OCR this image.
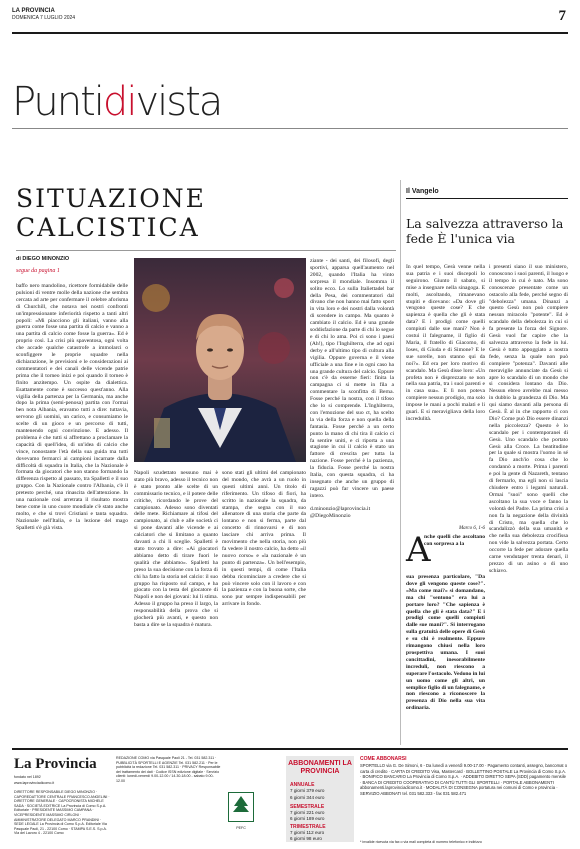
LA PROVINCIA
DOMENICA 7 LUGLIO 2024	7
Puntidivista
SITUAZIONE
CALCISTICA
di DIEGO MINONZIO
segue da pagina 1
baffo nero mandolino, ricettore formidabile delle pulsioni di ventre molle della nazione che sembra cercata ad arte per confermare il celebre aforisma di Churchill, che notava nei nostri confronti un'impressionante inferiorità rispetto a tanti altri popoli: «Mi piacciono gli italiani, vanno alla guerra come fosse una partita di calcio e vanno a una partita di calcio come fosse la guerra». Ed è proprio così. La crisi più spaventosa, ogni volta che accade qualche catastrofe a immolarci o sconfiggere le proprie squadre nella dichiarazione, le previsioni e le considerazioni ai commentatori e dei canali delle vicende patrie prima che il torneo inizi e poi quando il torneo è finito anzitempo. Un ospite da dialettica. Esattamente come è successo quest'anno. Alla vigilia della partenza per la Germania, ma anche dopo la prima (semi-penosa) partita con l'ormai ben nota Albania, eravamo tutti a dire: tuttavia, servono gli uomini, un carico, e consumiamo le scelte di un gioco e un percorso di tutti, mantenendo ogni convinzione. E adesso. Il problema è che tutti si affrettano a proclamare la capacità di quell'idea, di un'idea di calcio che vince, nonostante l'età della sua guida ma tutti dovevamo fermarci ai campioni incarnate dalla difficoltà di squadra in Italia, che la Nazionale è formata da giocatori che non stanno formando la differenza rispetto al passato, tra Spalletti e il suo gruppo. Con la Nazionale contro l'Albania, c'è il pretesto perché, una rinascita dell'attenzione. In una nazionale così arretrata il risultato mostra bene come in uno cuore mondiale c'è stato anche molto, e che si trovi Cristiani e tanta squadra. Nazionale nell'Italia, e la lezione del mago Spalletti s'è già vista.
Napoli scudettato nessuno mai è stato più bravo, adesso il tecnico non è stato pronto alle scelte di un commissario tecnico, e il potere delle critiche, ricordando le prove del campionato. Adesso sono diventati delle mete. Richiamare ai tifosi del campionato, ai club e alle società ci si pone davanti alle vicende e ai calciatori che si limitano a quanto davanti a chi li sceglie. Spalletti è stato trovato a dire: «Ai giocatori abbiamo detto di tirare fuori le qualità che abbiamo». Spalletti ha preso la sua decisione con la forza di chi ha fatto la storia nel calcio: il suo gruppo ha risposto sul campo, e ha giocato con la testa del giocatore di Napoli e non dei giovani: lui li stima. Adesso il gruppo ha preso il largo, la responsabilità della prova che si giocherà più avanti, e questo non basta a dire se la squadra è matura.
sono stati gli ultimi del campionato del mondo, che avrà a un ruolo in questi ultimi anni. Un titolo di riferimento. Un tifoso di fiori, ha scritto in nazionale la squadra, da stampa, che segna con il suo allenatore di una storia che parte da lontano e non si ferma, parte dal concetto di rinnovarsi e di non lasciare chi arriva prima. Il movimento che nella storia, non più fa vedere il nostro calcio, ha detto «il nuovo corso» e «la nazionale è un punto di partenza». Un bell'esempio, in questi tempi, di come l'Italia debba ricominciare a credere che si può vincere solo con il lavoro e con la pazienza e con la buona sorte, che sono pur sempre indispensabili per arrivare in fondo.
ziante - dei santi, dei filosofi, degli sportivi, apparsa quell'aumento nel 2002, quando l'Italia ha vinto sorpresa il mondiale. Insomma il solito ecco. Lo sulla Italiettadel bar della Pesa, dei commentatori dal divano che non hanno mai fatto sport in vita loro e dei nostri dalla volontà di scendere in campo. Ma quanto è cambiato il calcio. Ed è una grande soddisfazione da parte di chi lo segue e di chi lo ama. Poi ci sono i paesi (Ah!), tipo l'Inghilterra, che ad ogni derby e all'ultimo tipo di cultura alla vigilia. Oppure governa e il viene ufficiale a una fine e in ogni caso ha una grande cultura del calcio. Eppure non c'è da esserne fieri: finita la campagna ci si mette in fila a commentare la sconfitta di Berna. Fosse perché la nostra, con il tifoso che lo si comprende. L'Inghilterra, con l'emozione del suo ct, ha scelto la via della forza e non quella della fantasia. Fosse perché a un certo punto la mano di chi tira il calcio ci fa sentire uniti, e ci riporta a una stagione in cui il calcio è stato un fattore di crescita per tutta la nazione. Fosse perché è la pazienza, la fiducia. Fosse perché la nostra Italia, con questa squadra, ci ha insegnato che anche un gruppo di ragazzi può far vincere un paese intero.
d.minonzio@laprovincia.it
@DiegoMinonzio
Il Vangelo
La salvezza attraverso la fede È l'unica via
In quel tempo, Gesù venne nella sua patria e i suoi discepoli lo seguirono. Giunto il sabato, si mise a insegnare nella sinagoga. E molti, ascoltando, rimanevano stupiti e dicevano: «Da dove gli vengono queste cose? E che sapienza è quella che gli è stata data? E i prodigi come quelli compiuti dalle sue mani? Non è costui il falegname, il figlio di Maria, il fratello di Giacomo, di Ioses, di Giuda e di Simone? E le sue sorelle, non stanno qui da noi?». Ed era per loro motivo di scandalo. Ma Gesù disse loro: «Un profeta non è disprezzato se non nella sua patria, tra i suoi parenti e in casa sua». E lì non poteva compiere nessun prodigio, ma solo impose le mani a pochi malati e li guarì. E si meravigliava della loro incredulità.
Marco 6, 1-6
A
nche quelli che ascoltano con sorpresa a la
sua presenza particolare, "Da dove gli vengono queste cose?". «Ma come mai?» si domandano, ma chi "sentono" era lui a portare loro? "Che sapienza è quella che gli è stata data?" E i prodigi come quelli compiuti dalle sue mani?". Si interrogano sulla gratuità delle opere di Gesù e su chi è realmente. Eppure rimangono chiusi nella loro prospettiva umana. I suoi concittadini, inesorabilmente increduli, non riescono a superare l'ostacolo. Vedono in lui un uomo come gli altri, un semplice figlio di un falegname, e non riescono a riconoscere la presenza di Dio nella sua vita ordinaria.
i presenti siano il suo ministero, conoscono i suoi parenti, il luogo e il tempo in cui è nato. Ma sono conoscenze presentate come un ostacolo alla fede, perché segno di "debolezza" umana. Dinanzi a questo Gesù non può compiere nessun miracolo "potente". Ed è scandalo della debolezza in cui si fa presente la forza del Signore. Gesù vuol far capire che la salvezza attraverso la fede in lui. Gesù è tutto appoggiato a nostra fede, senza la quale non può compiere "potenza". Davanti alle meraviglie annunciate da Gesù si apre lo scandalo di un mondo che si considera lontano da Dio. Nessun ebreo avrebbe mai messo in dubbio la grandezza di Dio. Ma qui siamo davanti alla persona di Gesù. È al in che rapporto ci con Dio? Come può Dio essere dinanzi nella piccolezza? Questo è lo scandalo per i contemporanei di Gesù. Uno scandalo che portato Gesù alla Croce. La beatitudine per la quale si mostra l'uomo in sé fa Dio anch'io cosa che lo condannò a morte. Prima i parenti e poi la gente di Nazareth, tentano di fermarlo, ma egli non si lascia chiudere entro i legami naturali. Ormai "suoi" sono quelli che ascoltano la sua voce e fanno la volontà del Padre. La prima crisi a non fa la negazione della divinità di Cristo, ma quella che lo scandalizzò della sua umanità e che nella sua debolezza crocifissa non vide la salvezza portata. Certo occorre la fede per adorare quella carne vendutaper trenta denari, il prezzo di un asino o di uno schiavo.
La Provincia
fondato nel 1892
www.laprovinciadicomo.it
DIRETTORE RESPONSABILE DIEGO MINONZIO · CAPOREDATTORE CENTRALE FRANCESCO ANGELINI · DIRETTORE GENERALE · CAPOCRONISTA MICHELE SADA · SOCIETÀ EDITRICE La Provincia di Como S.p.A. Editoriale · PRESIDENTE MASSIMO CAMPANA · VICEPRESIDENTE MASSIMO CIRLONI · AMMINISTRATORE DELEGATO MARCO PRANDINI · SEDE LEGALE La Provincia di Como S.p.A. Editoriale Via Pasquale Paoli, 21 - 22100 Como · STAMPA S.E.S. S.p.A. Via del Lavoro 4 - 22100 Como
REDAZIONE COMO via Pasquale Paoli 21 - Tel. 031 582.311 · PUBBLICITÀ SPORTELLI E AGENZIE Tel. 031 582.211 · Per le pubblicità la redazione Tel. 031 582.311 · PRIVACY Responsabile del trattamento dei dati · Codice ISSN edizione digitale · Servizio clienti: lunedì-venerdì 9.00-12.00 / 14.30-18.00 - sabato 9.00-12.00
PEFC
ABBONAMENTI LA PROVINCIA
ANNUALE
7 giorni 379 euro
6 giorni 344 euro
SEMESTRALE
7 giorni 221 euro
6 giorni 189 euro
TRIMESTRALE
7 giorni 112 euro
6 giorni 98 euro
COME ABBONARSI
SPORTELLO via G. De Simoni, 6 - Da lunedì a venerdì 9.00-17.00 · Pagamento contanti, assegno, bancomat o carta di credito · CARTA DI CREDITO Visa, Mastercard · BOLLETTINO POSTALE La Provincia di Como S.p.A. · BONIFICO BANCARIO La Provincia di Como S.p.A. · ADDEBITO DIRETTO SEPA (SDD) pagamento mensile · BANCA DI CREDITO COOPERATIVO DI CANTÙ TUTTI GLI SPORTELLI · PORTALE ABBONAMENTI abbonamenti.laprovinciadicomo.it · MODALITÀ DI CONSEGNA portatura nei comuni di Como e provincia · SERVIZIO ABBONATI tel. 031 582.333 - fax 031 582.471
* invalide ricevuta via fax o via mail completa di numero telefonico e indirizzo
